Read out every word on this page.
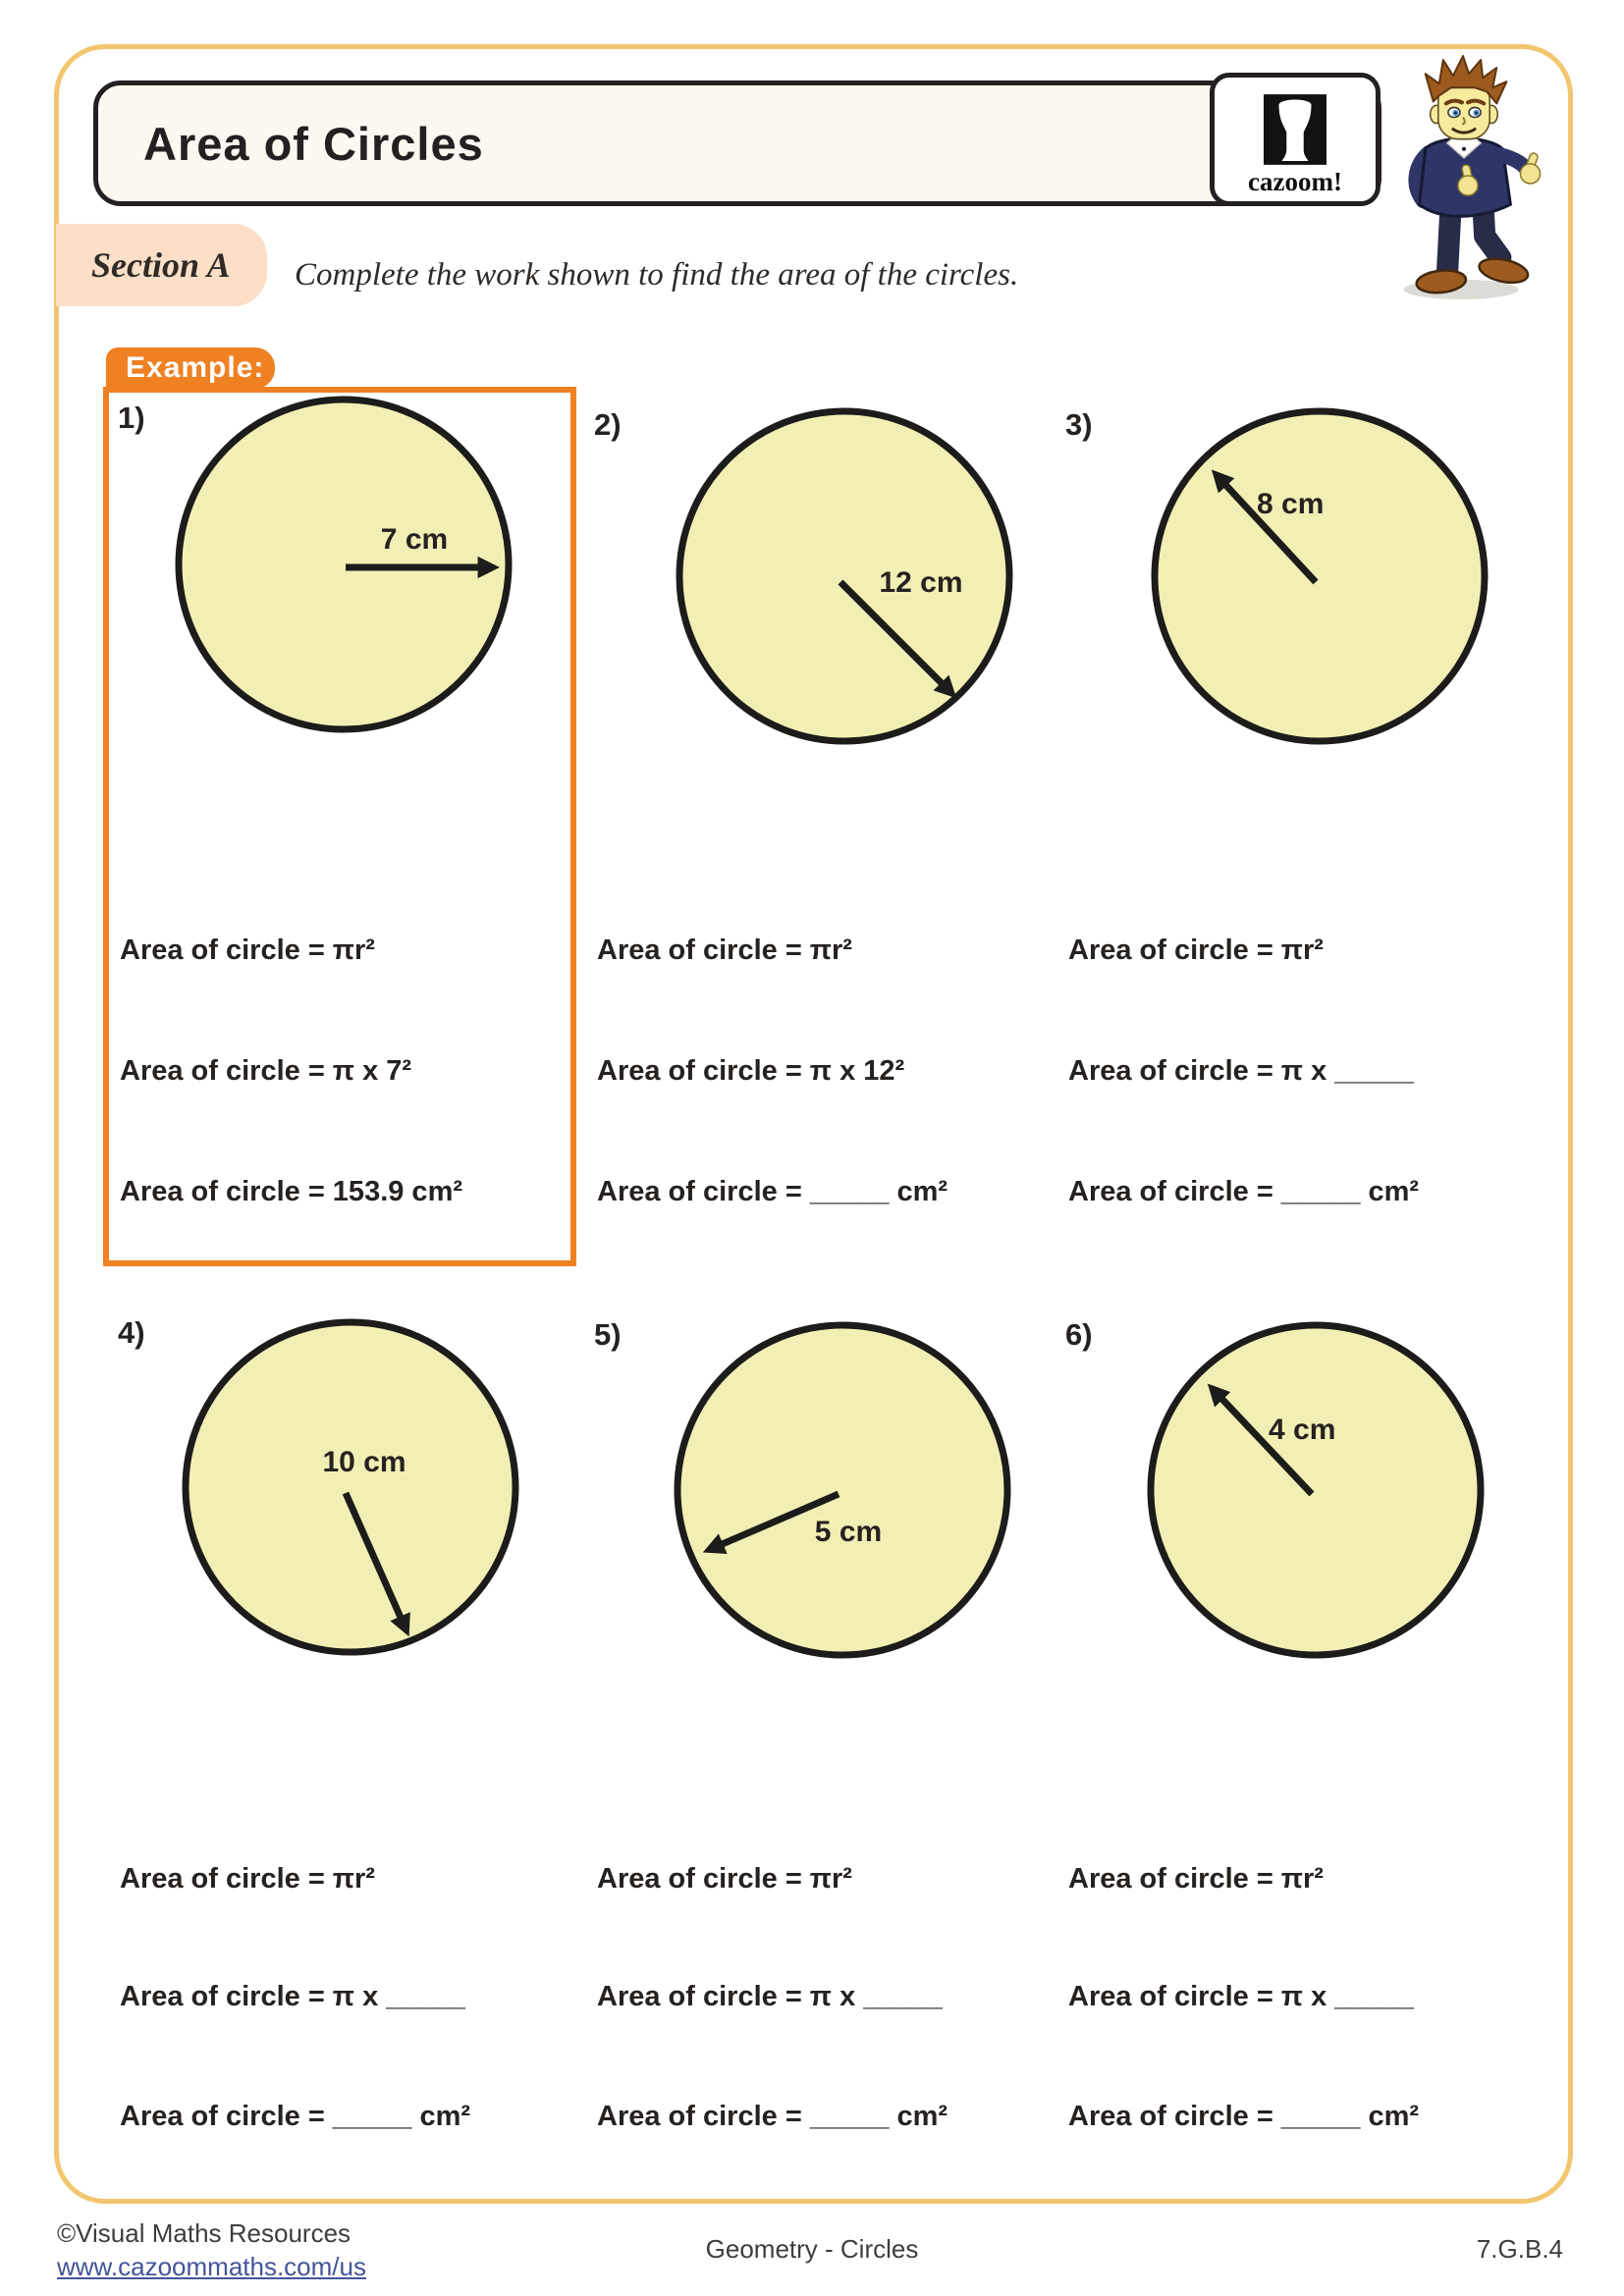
Area of Circles
cazoom!
Section A Complete the work shown to find the area of the circles.
Example:
1)	2)	3)
4)	5)	6)
7 cm
12 cm
8 cm
10 cm
5 cm
4 cm
Area of circle = πr²
Area of circle = π x 7²
Area of circle = 153.9 cm²
Area of circle = πr²
Area of circle = π x 12²
Area of circle = _____ cm²
Area of circle = πr²
Area of circle = π x _____
Area of circle = _____ cm²
Area of circle = πr²
Area of circle = π x _____
Area of circle = _____ cm²
Area of circle = πr²
Area of circle = π x _____
Area of circle = _____ cm²
Area of circle = πr²
Area of circle = π x _____
Area of circle = _____ cm²
©Visual Maths Resources
www.cazoommaths.com/us
Geometry - Circles	7.G.B.4
